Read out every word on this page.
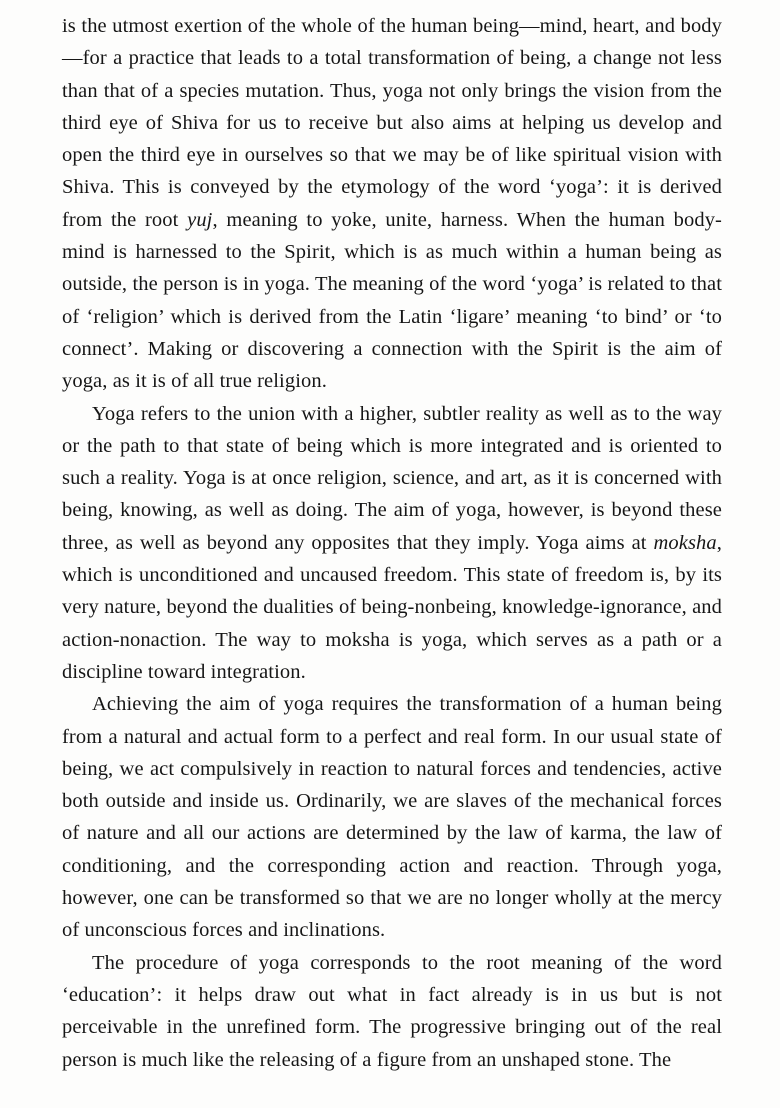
is the utmost exertion of the whole of the human being—mind, heart, and body—for a practice that leads to a total transformation of being, a change not less than that of a species mutation. Thus, yoga not only brings the vision from the third eye of Shiva for us to receive but also aims at helping us develop and open the third eye in ourselves so that we may be of like spiritual vision with Shiva. This is conveyed by the etymology of the word ‘yoga’: it is derived from the root yuj, meaning to yoke, unite, harness. When the human body-mind is harnessed to the Spirit, which is as much within a human being as outside, the person is in yoga. The meaning of the word ‘yoga’ is related to that of ‘religion’ which is derived from the Latin ‘ligare’ meaning ‘to bind’ or ‘to connect’. Making or discovering a connection with the Spirit is the aim of yoga, as it is of all true religion.

Yoga refers to the union with a higher, subtler reality as well as to the way or the path to that state of being which is more integrated and is oriented to such a reality. Yoga is at once religion, science, and art, as it is concerned with being, knowing, as well as doing. The aim of yoga, however, is beyond these three, as well as beyond any opposites that they imply. Yoga aims at moksha, which is unconditioned and uncaused freedom. This state of freedom is, by its very nature, beyond the dualities of being-nonbeing, knowledge-ignorance, and action-nonaction. The way to moksha is yoga, which serves as a path or a discipline toward integration.

Achieving the aim of yoga requires the transformation of a human being from a natural and actual form to a perfect and real form. In our usual state of being, we act compulsively in reaction to natural forces and tendencies, active both outside and inside us. Ordinarily, we are slaves of the mechanical forces of nature and all our actions are determined by the law of karma, the law of conditioning, and the corresponding action and reaction. Through yoga, however, one can be transformed so that we are no longer wholly at the mercy of unconscious forces and inclinations.

The procedure of yoga corresponds to the root meaning of the word ‘education’: it helps draw out what in fact already is in us but is not perceivable in the unrefined form. The progressive bringing out of the real person is much like the releasing of a figure from an unshaped stone. The
